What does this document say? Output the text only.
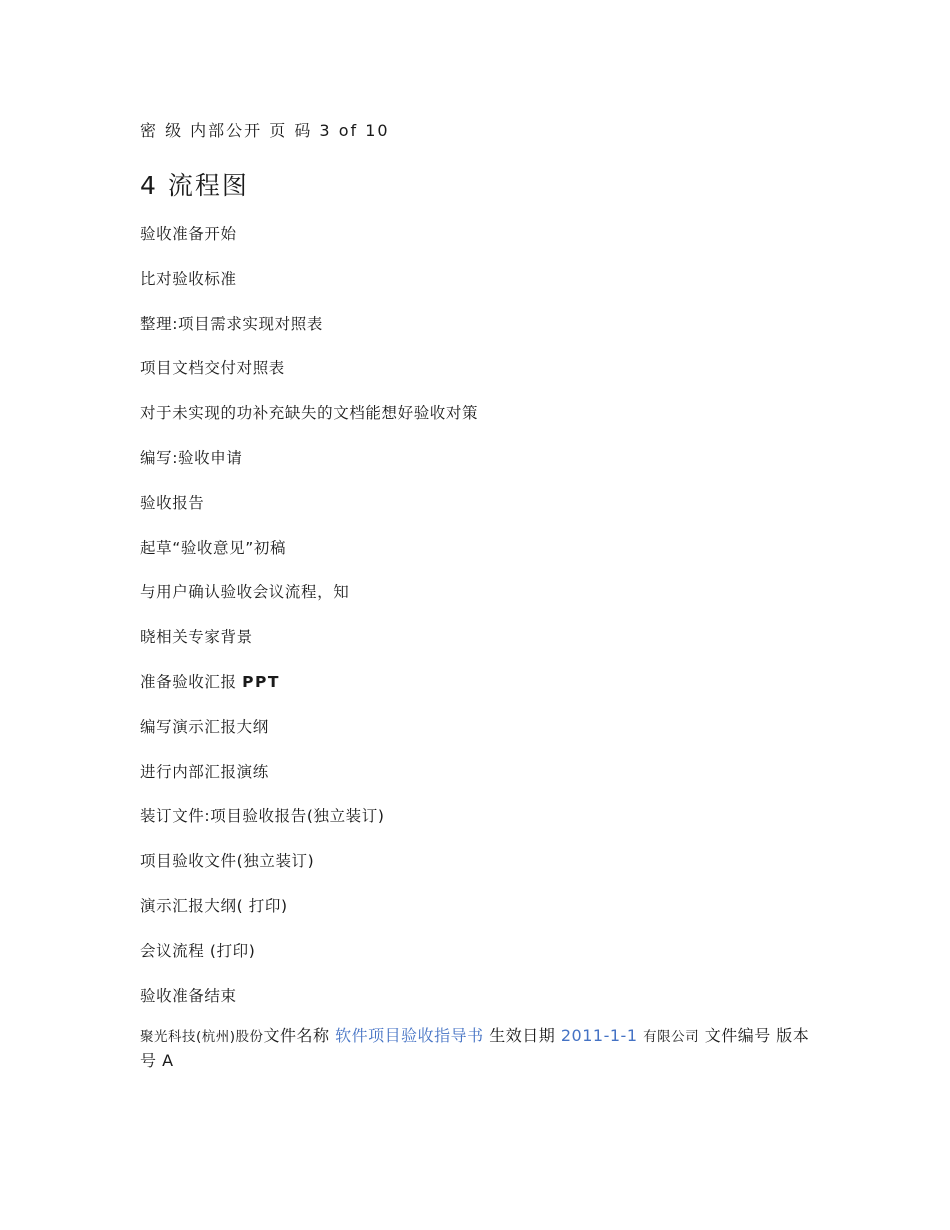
密 级 内部公开 页 码 3 of 10
4 流程图
验收准备开始
比对验收标准
整理:项目需求实现对照表
项目文档交付对照表
对于未实现的功补充缺失的文档能想好验收对策
编写:验收申请
验收报告
起草“验收意见”初稿
与用户确认验收会议流程，知
晓相关专家背景
准备验收汇报 PPT
编写演示汇报大纲
进行内部汇报演练
装订文件:项目验收报告(独立装订)
项目验收文件(独立装订)
演示汇报大纲( 打印)
会议流程 (打印)
验收准备结束
聚光科技(杭州)股份文件名称 软件项目验收指导书 生效日期 2011-1-1 有限公司 文件编号 版本号 A
